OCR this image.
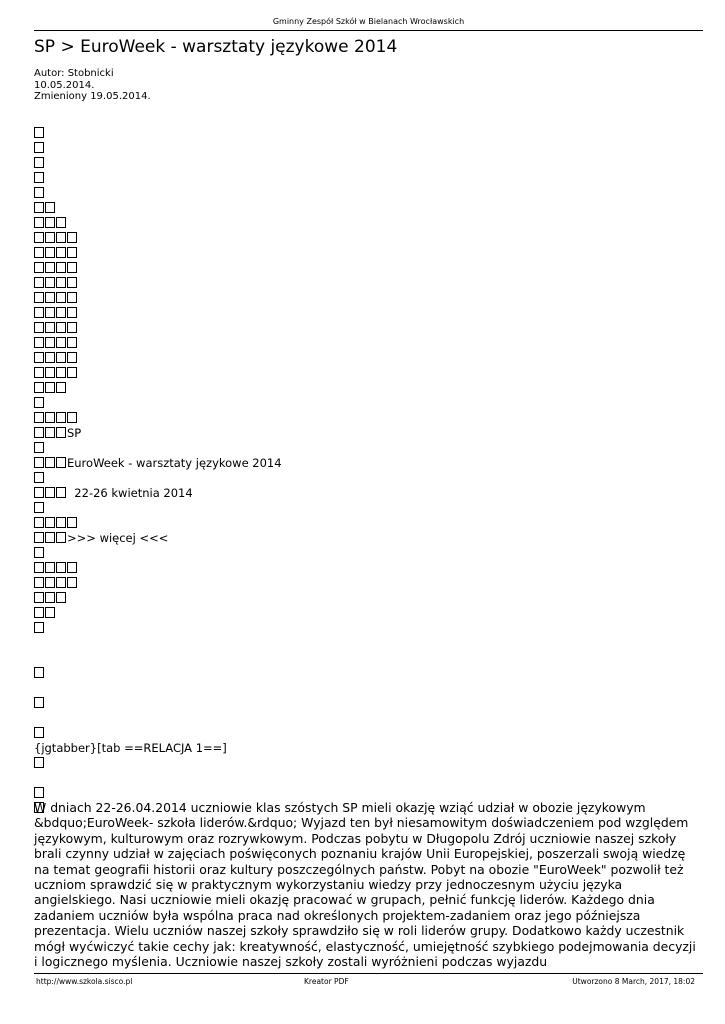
Gminny Zespół Szkół w Bielanach Wrocławskich
SP > EuroWeek - warsztaty językowe 2014
Autor: Stobnicki
10.05.2014.
Zmieniony 19.05.2014.
SP
EuroWeek - warsztaty językowe 2014
22-26 kwietnia 2014
>>> więcej <<<
{jgtabber}[tab ==RELACJA 1==]

W dniach 22-26.04.2014 uczniowie klas szóstych SP mieli okazję wziąć udział w obozie językowym &bdquo;EuroWeek- szkoła liderów.&rdquo; Wyjazd ten był niesamowitym doświadczeniem pod względem językowym, kulturowym oraz rozrywkowym. Podczas pobytu w Długopolu Zdrój uczniowie naszej szkoły brali czynny udział w zajęciach poświęconych poznaniu krajów Unii Europejskiej, poszerzali swoją wiedzę na temat geografii historii oraz kultury poszczególnych państw. Pobyt na obozie "EuroWeek" pozwolił też uczniom sprawdzić się w praktycznym wykorzystaniu wiedzy przy jednoczesnym użyciu języka angielskiego. Nasi uczniowie mieli okazję pracować w grupach, pełnić funkcję liderów. Każdego dnia zadaniem uczniów była wspólna praca nad określonych projektem-zadaniem oraz jego późniejsza prezentacja. Wielu uczniów naszej szkoły sprawdziło się w roli liderów grupy. Dodatkowo każdy uczestnik mógł wyćwiczyć takie cechy jak: kreatywność, elastyczność, umiejętność szybkiego podejmowania decyzji i logicznego myślenia. Uczniowie naszej szkoły zostali wyróżnieni podczas wyjazdu

http://www.szkola.sisco.pl	Kreator PDF	Utworzono 8 March, 2017, 18:02
